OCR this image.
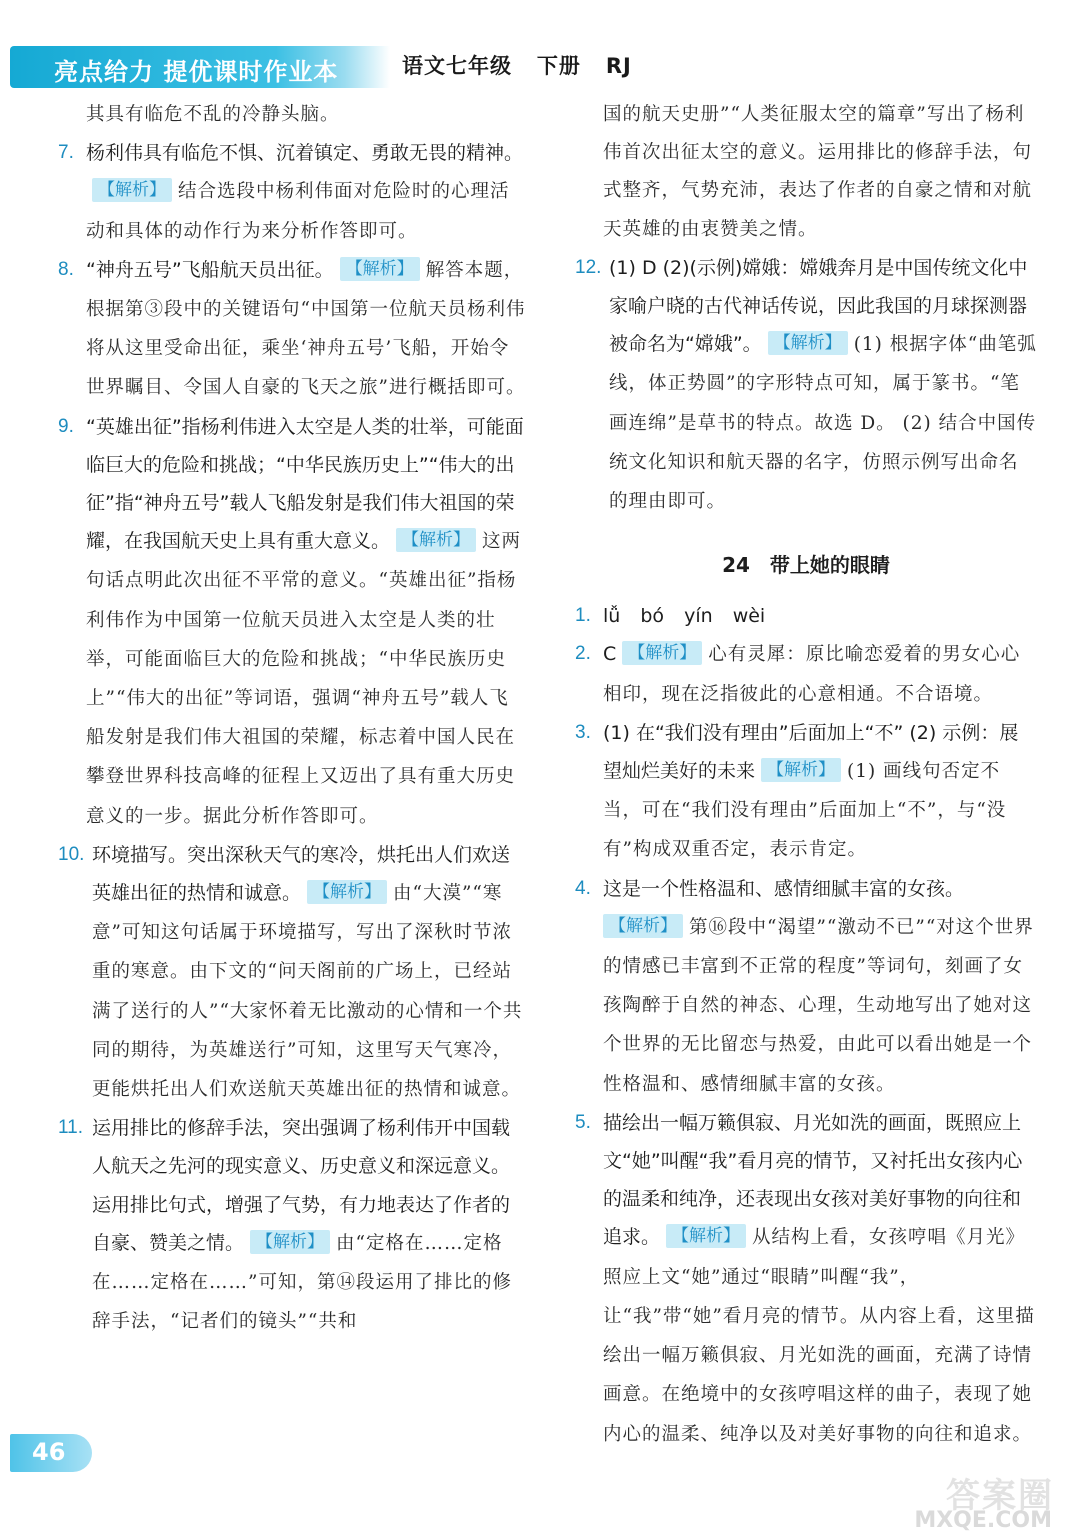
亮点给力 提优课时作业本	语文七年级   下册   RJ
其具有临危不乱的冷静头脑。
7. 杨利伟具有临危不惧、沉着镇定、勇敢无畏的精神。【解析】 结合选段中杨利伟面对危险时的心理活动和具体的动作行为来分析作答即可。
8. “神舟五号”飞船航天员出征。 【解析】 解答本题，根据第③段中的关键语句“中国第一位航天员杨利伟将从这里受命出征，乘坐‘神舟五号’飞船，开始令世界瞩目、令国人自豪的飞天之旅”进行概括即可。
9. “英雄出征”指杨利伟进入太空是人类的壮举，可能面临巨大的危险和挑战；“中华民族历史上”“伟大的出征”指“神舟五号”载人飞船发射是我们伟大祖国的荣耀，在我国航天史上具有重大意义。 【解析】 这两句话点明此次出征不平常的意义。“英雄出征”指杨利伟作为中国第一位航天员进入太空是人类的壮举，可能面临巨大的危险和挑战；“中华民族历史上”“伟大的出征”等词语，强调“神舟五号”载人飞船发射是我们伟大祖国的荣耀，标志着中国人民在攀登世界科技高峰的征程上又迈出了具有重大历史意义的一步。据此分析作答即可。
10. 环境描写。突出深秋天气的寒冷，烘托出人们欢送英雄出征的热情和诚意。 【解析】 由“大漠”“寒意”可知这句话属于环境描写，写出了深秋时节浓重的寒意。由下文的“问天阁前的广场上，已经站满了送行的人”“大家怀着无比激动的心情和一个共同的期待，为英雄送行”可知，这里写天气寒冷，更能烘托出人们欢送航天英雄出征的热情和诚意。
11. 运用排比的修辞手法，突出强调了杨利伟开中国载人航天之先河的现实意义、历史意义和深远意义。运用排比句式，增强了气势，有力地表达了作者的自豪、赞美之情。 【解析】 由“定格在……定格在……定格在……”可知，第⑭段运用了排比的修辞手法，“记者们的镜头”“共和
国的航天史册”“人类征服太空的篇章”写出了杨利伟首次出征太空的意义。运用排比的修辞手法，句式整齐，气势充沛，表达了作者的自豪之情和对航天英雄的由衷赞美之情。
12. (1) D (2)(示例)嫦娥：嫦娥奔月是中国传统文化中家喻户晓的古代神话传说，因此我国的月球探测器被命名为“嫦娥”。 【解析】 (1) 根据字体“曲笔弧线，体正势圆”的字形特点可知，属于篆书。“笔画连绵”是草书的特点。故选 D。 (2) 结合中国传统文化知识和航天器的名字，仿照示例写出命名的理由即可。
24　带上她的眼睛
1. lǚ bó yín wèi
2. C 【解析】 心有灵犀：原比喻恋爱着的男女心心相印，现在泛指彼此的心意相通。不合语境。
3. (1) 在“我们没有理由”后面加上“不” (2) 示例：展望灿烂美好的未来 【解析】 (1) 画线句否定不当，可在“我们没有理由”后面加上“不”，与“没有”构成双重否定，表示肯定。
4. 这是一个性格温和、感情细腻丰富的女孩。
【解析】 第⑯段中“渴望”“激动不已”“对这个世界的情感已丰富到不正常的程度”等词句，刻画了女孩陶醉于自然的神态、心理，生动地写出了她对这个世界的无比留恋与热爱，由此可以看出她是一个性格温和、感情细腻丰富的女孩。
5. 描绘出一幅万籁俱寂、月光如洗的画面，既照应上文“她”叫醒“我”看月亮的情节，又衬托出女孩内心的温柔和纯净，还表现出女孩对美好事物的向往和追求。 【解析】 从结构上看，女孩哼唱《月光》照应上文“她”通过“眼睛”叫醒“我”，让“我”带“她”看月亮的情节。从内容上看，这里描绘出一幅万籁俱寂、月光如洗的画面，充满了诗情画意。在绝境中的女孩哼唱这样的曲子，表现了她内心的温柔、纯净以及对美好事物的向往和追求。
46
答案圈
MXQE.COM
